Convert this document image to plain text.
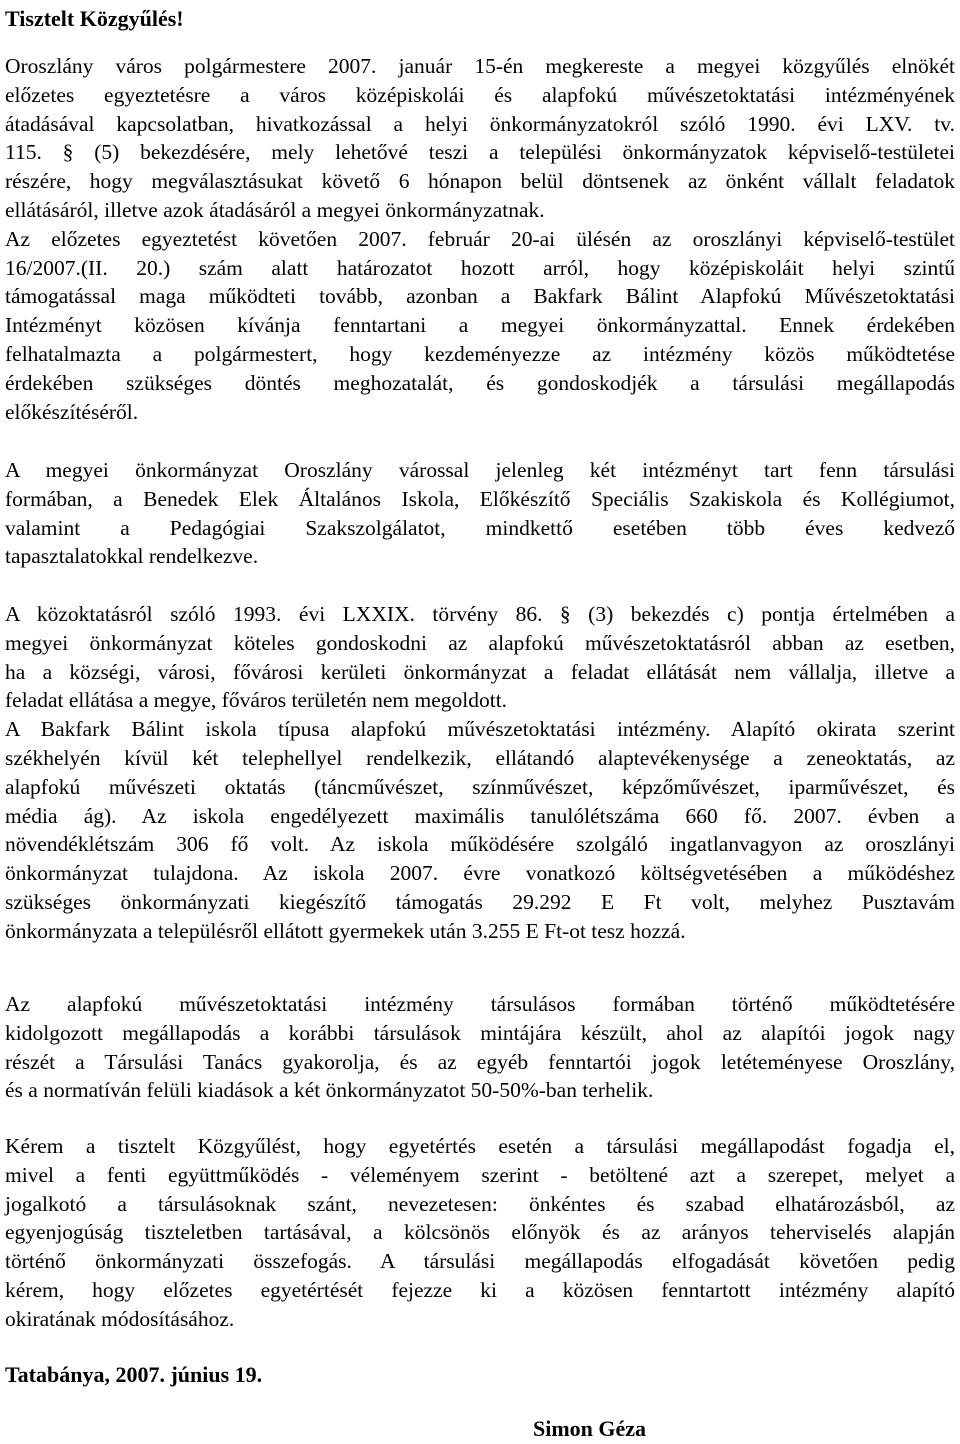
Tisztelt Közgyűlés!

Oroszlány város polgármestere 2007. január 15-én megkereste a megyei közgyűlés elnökét
előzetes egyeztetésre a város középiskolái és alapfokú művészetoktatási intézményének
átadásával kapcsolatban, hivatkozással a helyi önkormányzatokról szóló 1990. évi LXV. tv.
115. § (5) bekezdésére, mely lehetővé teszi a települési önkormányzatok képviselő-testületei
részére, hogy megválasztásukat követő 6 hónapon belül döntsenek az önként vállalt feladatok
ellátásáról, illetve azok átadásáról a megyei önkormányzatnak.
Az előzetes egyeztetést követően 2007. február 20-ai ülésén az oroszlányi képviselő-testület
16/2007.(II. 20.) szám alatt határozatot hozott arról, hogy középiskoláit helyi szintű
támogatással maga működteti tovább, azonban a Bakfark Bálint Alapfokú Művészetoktatási
Intézményt közösen kívánja fenntartani a megyei önkormányzattal. Ennek érdekében
felhatalmazta a polgármestert, hogy kezdeményezze az intézmény közös működtetése
érdekében szükséges döntés meghozatalát, és gondoskodjék a társulási megállapodás
előkészítéséről.
A megyei önkormányzat Oroszlány várossal jelenleg két intézményt tart fenn társulási
formában, a Benedek Elek Általános Iskola, Előkészítő Speciális Szakiskola és Kollégiumot,
valamint a Pedagógiai Szakszolgálatot, mindkettő esetében több éves kedvező
tapasztalatokkal rendelkezve.
A közoktatásról szóló 1993. évi LXXIX. törvény 86. § (3) bekezdés c) pontja értelmében a
megyei önkormányzat köteles gondoskodni az alapfokú művészetoktatásról abban az esetben,
ha a községi, városi, fővárosi kerületi önkormányzat a feladat ellátását nem vállalja, illetve a
feladat ellátása a megye, főváros területén nem megoldott.
A Bakfark Bálint iskola típusa alapfokú művészetoktatási intézmény. Alapító okirata szerint
székhelyén kívül két telephellyel rendelkezik, ellátandó alaptevékenysége a zeneoktatás, az
alapfokú művészeti oktatás (táncművészet, színművészet, képzőművészet, iparművészet, és
média ág). Az iskola engedélyezett maximális tanulólétszáma 660 fő. 2007. évben a
növendéklétszám 306 fő volt. Az iskola működésére szolgáló ingatlanvagyon az oroszlányi
önkormányzat tulajdona. Az iskola 2007. évre vonatkozó költségvetésében a működéshez
szükséges önkormányzati kiegészítő támogatás 29.292 E Ft volt, melyhez Pusztavám
önkormányzata a településről ellátott gyermekek után 3.255 E Ft-ot tesz hozzá.
Az alapfokú művészetoktatási intézmény társulásos formában történő működtetésére
kidolgozott megállapodás a korábbi társulások mintájára készült, ahol az alapítói jogok nagy
részét a Társulási Tanács gyakorolja, és az egyéb fenntartói jogok letéteményese Oroszlány,
és a normatíván felüli kiadások a két önkormányzatot 50-50%-ban terhelik.
Kérem a tisztelt Közgyűlést, hogy egyetértés esetén a társulási megállapodást fogadja el,
mivel a fenti együttműködés - véleményem szerint - betöltené azt a szerepet, melyet a
jogalkotó a társulásoknak szánt, nevezetesen: önkéntes és szabad elhatározásból, az
egyenjogúság tiszteletben tartásával, a kölcsönös előnyök és az arányos teherviselés alapján
történő önkormányzati összefogás. A társulási megállapodás elfogadását követően pedig
kérem, hogy előzetes egyetértését fejezze ki a közösen fenntartott intézmény alapító
okiratának módosításához.

Tatabánya, 2007. június 19.

Simon Géza
